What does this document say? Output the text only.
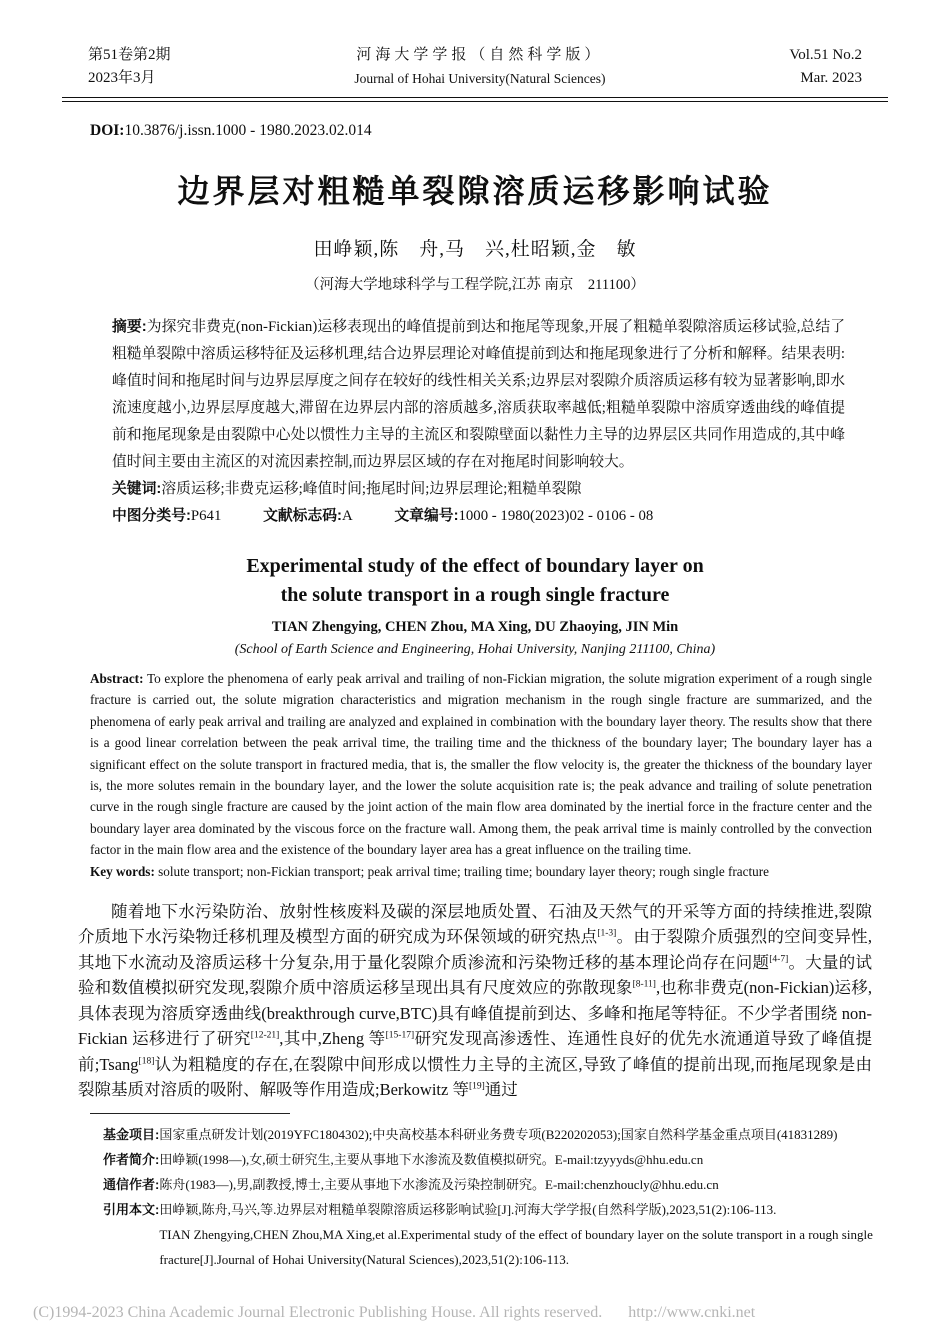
第51卷第2期
2023年3月
河海大学学报（自然科学版）
Journal of Hohai University(Natural Sciences)
Vol.51 No.2
Mar. 2023
DOI:10.3876/j.issn.1000 - 1980.2023.02.014
边界层对粗糙单裂隙溶质运移影响试验
田峥颖,陈　舟,马　兴,杜昭颖,金　敏
（河海大学地球科学与工程学院,江苏 南京　211100）
摘要:为探究非费克(non-Fickian)运移表现出的峰值提前到达和拖尾等现象,开展了粗糙单裂隙溶质运移试验,总结了粗糙单裂隙中溶质运移特征及运移机理,结合边界层理论对峰值提前到达和拖尾现象进行了分析和解释。结果表明:峰值时间和拖尾时间与边界层厚度之间存在较好的线性相关关系;边界层对裂隙介质溶质运移有较为显著影响,即水流速度越小,边界层厚度越大,滞留在边界层内部的溶质越多,溶质获取率越低;粗糙单裂隙中溶质穿透曲线的峰值提前和拖尾现象是由裂隙中心处以惯性力主导的主流区和裂隙壁面以黏性力主导的边界层区共同作用造成的,其中峰值时间主要由主流区的对流因素控制,而边界层区域的存在对拖尾时间影响较大。
关键词:溶质运移;非费克运移;峰值时间;拖尾时间;边界层理论;粗糙单裂隙
中图分类号:P641	文献标志码:A	文章编号:1000 - 1980(2023)02 - 0106 - 08
Experimental study of the effect of boundary layer on
the solute transport in a rough single fracture
TIAN Zhengying, CHEN Zhou, MA Xing, DU Zhaoying, JIN Min
(School of Earth Science and Engineering, Hohai University, Nanjing 211100, China)
Abstract: To explore the phenomena of early peak arrival and trailing of non-Fickian migration, the solute migration experiment of a rough single fracture is carried out, the solute migration characteristics and migration mechanism in the rough single fracture are summarized, and the phenomena of early peak arrival and trailing are analyzed and explained in combination with the boundary layer theory. The results show that there is a good linear correlation between the peak arrival time, the trailing time and the thickness of the boundary layer; The boundary layer has a significant effect on the solute transport in fractured media, that is, the smaller the flow velocity is, the greater the thickness of the boundary layer is, the more solutes remain in the boundary layer, and the lower the solute acquisition rate is; the peak advance and trailing of solute penetration curve in the rough single fracture are caused by the joint action of the main flow area dominated by the inertial force in the fracture center and the boundary layer area dominated by the viscous force on the fracture wall. Among them, the peak arrival time is mainly controlled by the convection factor in the main flow area and the existence of the boundary layer area has a great influence on the trailing time.
Key words: solute transport; non-Fickian transport; peak arrival time; trailing time; boundary layer theory; rough single fracture
随着地下水污染防治、放射性核废料及碳的深层地质处置、石油及天然气的开采等方面的持续推进,裂隙介质地下水污染物迁移机理及模型方面的研究成为环保领域的研究热点[1-3]。由于裂隙介质强烈的空间变异性,其地下水流动及溶质运移十分复杂,用于量化裂隙介质渗流和污染物迁移的基本理论尚存在问题[4-7]。大量的试验和数值模拟研究发现,裂隙介质中溶质运移呈现出具有尺度效应的弥散现象[8-11],也称非费克(non-Fickian)运移,具体表现为溶质穿透曲线(breakthrough curve,BTC)具有峰值提前到达、多峰和拖尾等特征。不少学者围绕 non-Fickian 运移进行了研究[12-21],其中,Zheng 等[15-17]研究发现高渗透性、连通性良好的优先水流通道导致了峰值提前;Tsang[18]认为粗糙度的存在,在裂隙中间形成以惯性力主导的主流区,导致了峰值的提前出现,而拖尾现象是由裂隙基质对溶质的吸附、解吸等作用造成;Berkowitz 等[19]通过
基金项目:国家重点研发计划(2019YFC1804302);中央高校基本科研业务费专项(B220202053);国家自然科学基金重点项目(41831289)
作者简介:田峥颖(1998—),女,硕士研究生,主要从事地下水渗流及数值模拟研究。E-mail:tzyyyds@hhu.edu.cn
通信作者:陈舟(1983—),男,副教授,博士,主要从事地下水渗流及污染控制研究。E-mail:chenzhoucly@hhu.edu.cn
引用本文: 田峥颖,陈舟,马兴,等.边界层对粗糙单裂隙溶质运移影响试验[J].河海大学学报(自然科学版),2023,51(2):106-113.
TIAN Zhengying,CHEN Zhou,MA Xing,et al.Experimental study of the effect of boundary layer on the solute transport in a rough single fracture[J].Journal of Hohai University(Natural Sciences),2023,51(2):106-113.
(C)1994-2023 China Academic Journal Electronic Publishing House. All rights reserved. http://www.cnki.net
